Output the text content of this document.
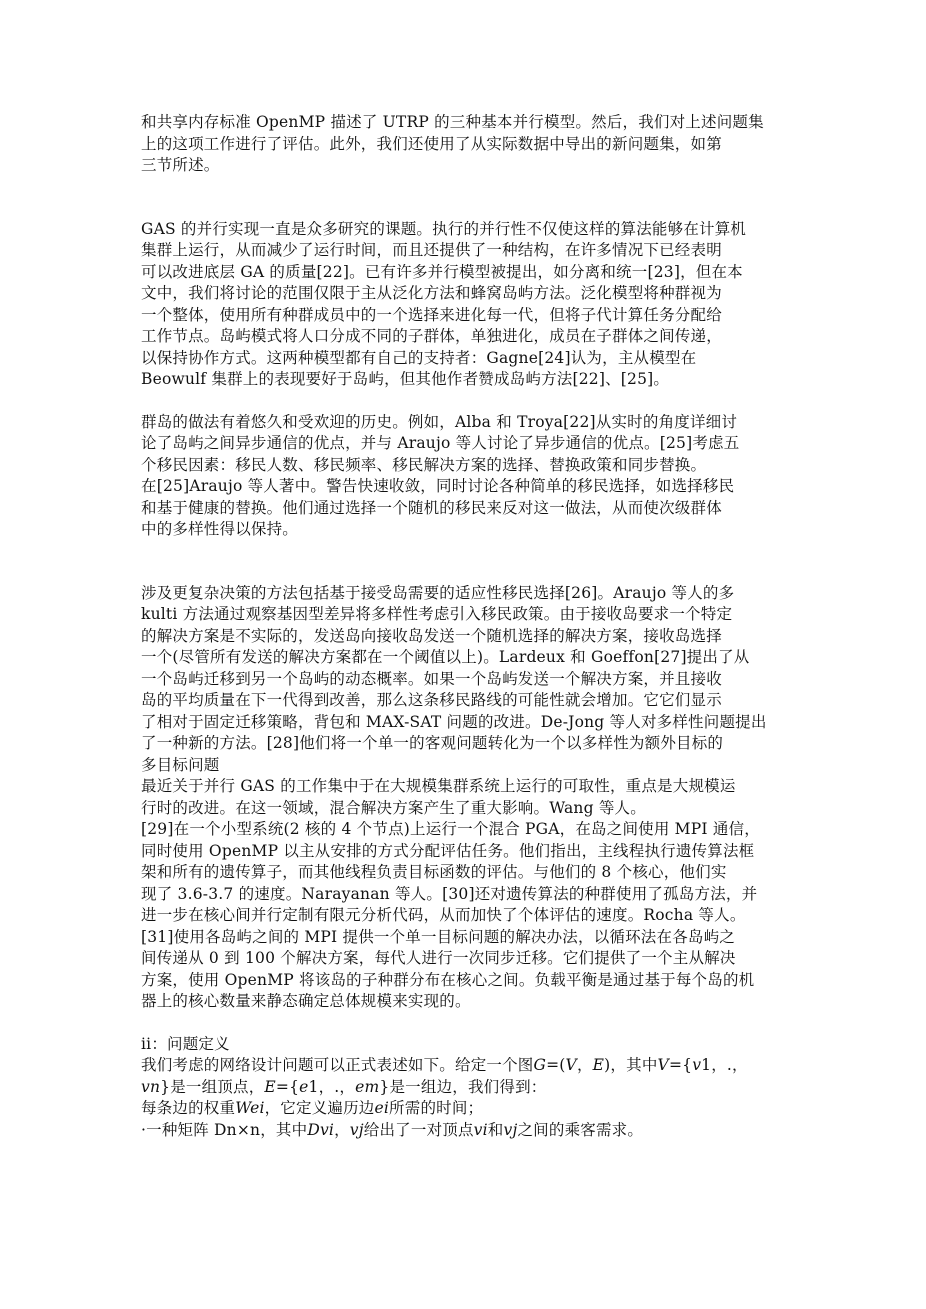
和共享内存标准 OpenMP 描述了 UTRP 的三种基本并行模型。然后，我们对上述问题集
上的这项工作进行了评估。此外，我们还使用了从实际数据中导出的新问题集，如第
三节所述。
GAS 的并行实现一直是众多研究的课题。执行的并行性不仅使这样的算法能够在计算机
集群上运行，从而减少了运行时间，而且还提供了一种结构，在许多情况下已经表明
可以改进底层 GA 的质量[22]。已有许多并行模型被提出，如分离和统一[23]，但在本
文中，我们将讨论的范围仅限于主从泛化方法和蜂窝岛屿方法。泛化模型将种群视为
一个整体，使用所有种群成员中的一个选择来进化每一代，但将子代计算任务分配给
工作节点。岛屿模式将人口分成不同的子群体，单独进化，成员在子群体之间传递，
以保持协作方式。这两种模型都有自己的支持者：Gagne[24]认为，主从模型在
Beowulf 集群上的表现要好于岛屿，但其他作者赞成岛屿方法[22]、[25]。
群岛的做法有着悠久和受欢迎的历史。例如，Alba 和 Troya[22]从实时的角度详细讨
论了岛屿之间异步通信的优点，并与 Araujo 等人讨论了异步通信的优点。[25]考虑五
个移民因素：移民人数、移民频率、移民解决方案的选择、替换政策和同步替换。
在[25]Araujo 等人著中。警告快速收敛，同时讨论各种简单的移民选择，如选择移民
和基于健康的替换。他们通过选择一个随机的移民来反对这一做法，从而使次级群体
中的多样性得以保持。
涉及更复杂决策的方法包括基于接受岛需要的适应性移民选择[26]。Araujo 等人的多
kulti 方法通过观察基因型差异将多样性考虑引入移民政策。由于接收岛要求一个特定
的解决方案是不实际的，发送岛向接收岛发送一个随机选择的解决方案，接收岛选择
一个(尽管所有发送的解决方案都在一个阈值以上)。Lardeux 和 Goeffon[27]提出了从
一个岛屿迁移到另一个岛屿的动态概率。如果一个岛屿发送一个解决方案，并且接收
岛的平均质量在下一代得到改善，那么这条移民路线的可能性就会增加。它它们显示
了相对于固定迁移策略，背包和 MAX-SAT 问题的改进。De-Jong 等人对多样性问题提出
了一种新的方法。[28]他们将一个单一的客观问题转化为一个以多样性为额外目标的
多目标问题
最近关于并行 GAS 的工作集中于在大规模集群系统上运行的可取性，重点是大规模运
行时的改进。在这一领域，混合解决方案产生了重大影响。Wang 等人。
[29]在一个小型系统(2 核的 4 个节点)上运行一个混合 PGA，在岛之间使用 MPI 通信，
同时使用 OpenMP 以主从安排的方式分配评估任务。他们指出，主线程执行遗传算法框
架和所有的遗传算子，而其他线程负责目标函数的评估。与他们的 8 个核心，他们实
现了 3.6-3.7 的速度。Narayanan 等人。[30]还对遗传算法的种群使用了孤岛方法，并
进一步在核心间并行定制有限元分析代码，从而加快了个体评估的速度。Rocha 等人。
[31]使用各岛屿之间的 MPI 提供一个单一目标问题的解决办法，以循环法在各岛屿之
间传递从 0 到 100 个解决方案，每代人进行一次同步迁移。它们提供了一个主从解决
方案，使用 OpenMP 将该岛的子种群分布在核心之间。负载平衡是通过基于每个岛的机
器上的核心数量来静态确定总体规模来实现的。
ii：问题定义
我们考虑的网络设计问题可以正式表述如下。给定一个图G=(V，E)，其中V={v1，.，
vn}是一组顶点，E={e1，.，em}是一组边，我们得到：
每条边的权重Wei，它定义遍历边ei所需的时间；
·一种矩阵 Dn×n，其中Dvi，vj给出了一对顶点vi和vj之间的乘客需求。
